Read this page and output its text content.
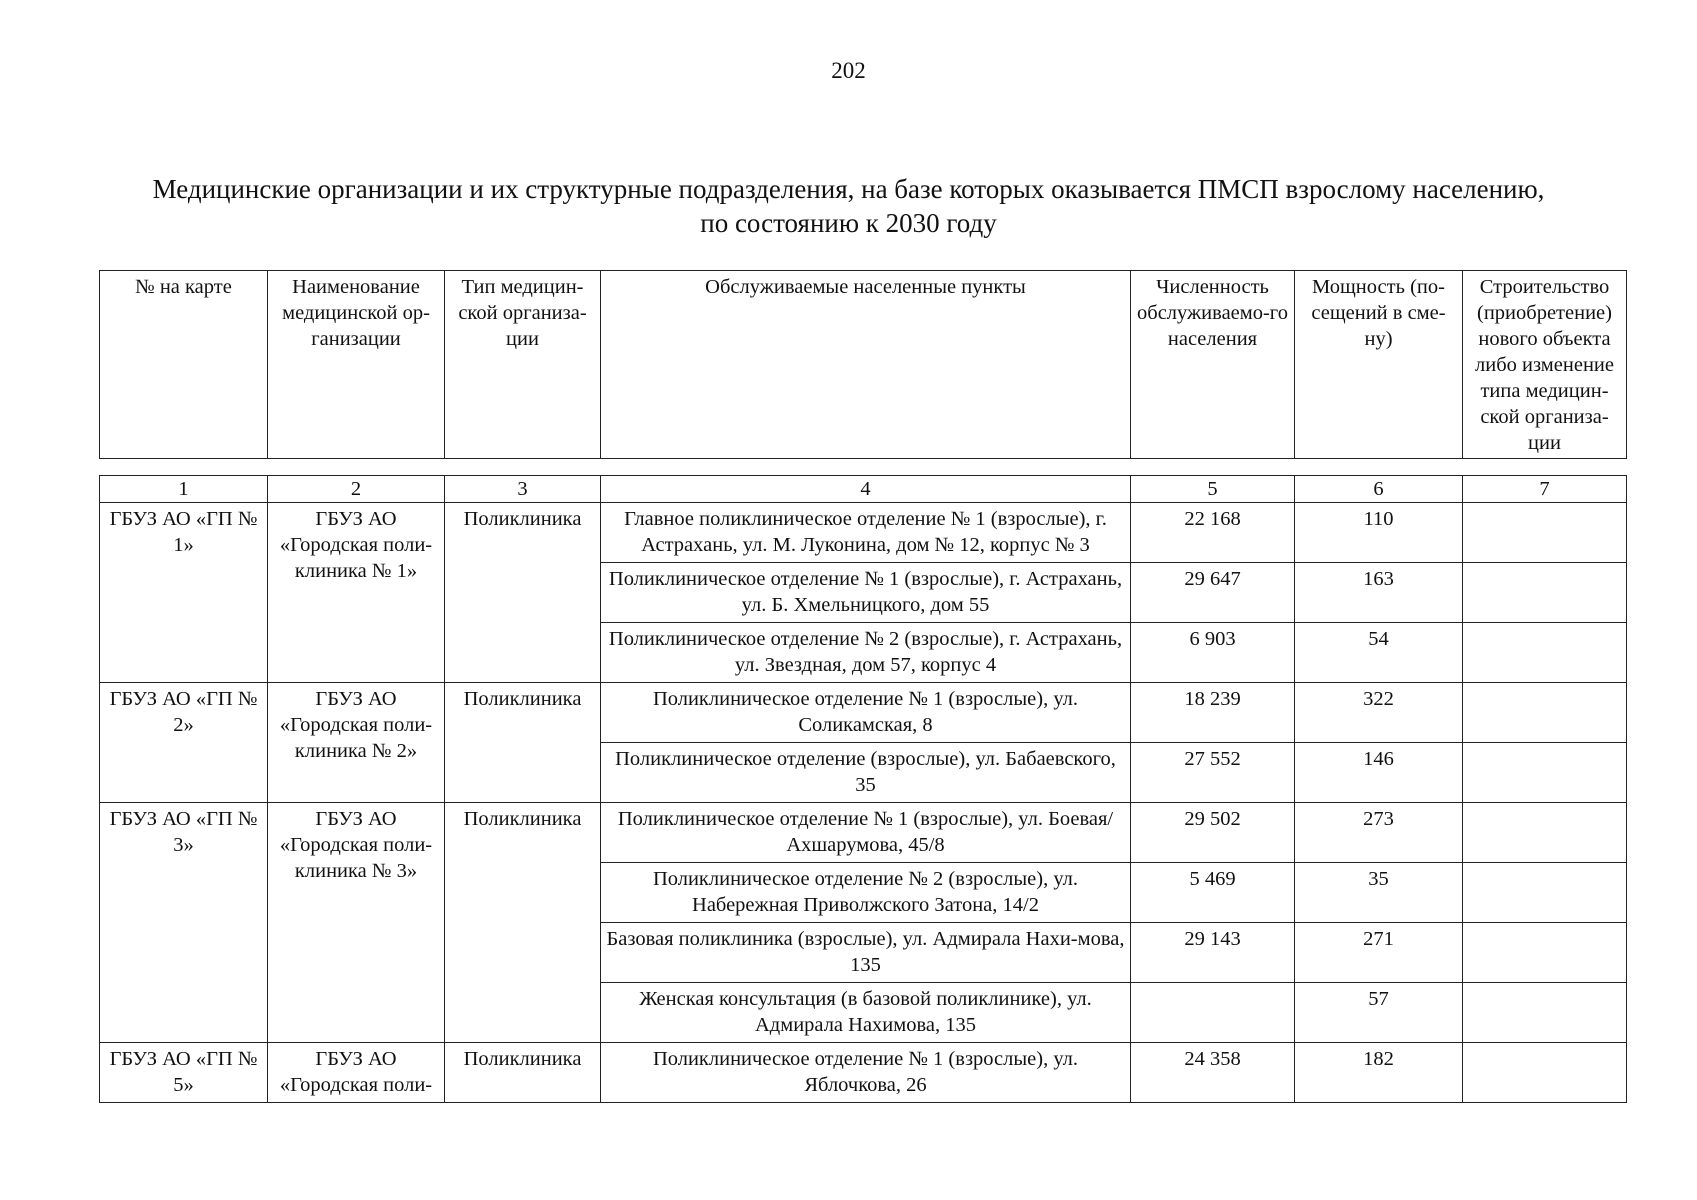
202
Медицинские организации и их структурные подразделения, на базе которых оказывается ПМСП взрослому населению,
по состоянию к 2030 году
№ на карте	Наименование медицинской ор-ганизации	Тип медицин-ской организа-ции	Обслуживаемые населенные пункты	Численность обслуживаемо-го населения	Мощность (по-сещений в сме-ну)	Строительство (приобретение) нового объекта либо изменение типа медицин-ской организа-ции
1	2	3	4	5	6	7
ГБУЗ АО «ГП № 1»	ГБУЗ АО «Городская поли-клиника № 1»	Поликлиника	Главное поликлиническое отделение № 1 (взрослые), г. Астрахань, ул. М. Луконина, дом № 12, корпус № 3	22 168	110	
			Поликлиническое отделение № 1 (взрослые), г. Астрахань, ул. Б. Хмельницкого, дом 55	29 647	163	
			Поликлиническое отделение № 2 (взрослые), г. Астрахань, ул. Звездная, дом 57, корпус 4	6 903	54	
ГБУЗ АО «ГП № 2»	ГБУЗ АО «Городская поли-клиника № 2»	Поликлиника	Поликлиническое отделение № 1 (взрослые), ул. Соликамская, 8	18 239	322	
			Поликлиническое отделение (взрослые), ул. Бабаевского, 35	27 552	146	
ГБУЗ АО «ГП № 3»	ГБУЗ АО «Городская поли-клиника № 3»	Поликлиника	Поликлиническое отделение № 1 (взрослые), ул. Боевая/Ахшарумова, 45/8	29 502	273	
			Поликлиническое отделение № 2 (взрослые), ул. Набережная Приволжского Затона, 14/2	5 469	35	
			Базовая поликлиника (взрослые), ул. Адмирала Нахи-мова, 135	29 143	271	
			Женская консультация (в базовой поликлинике), ул. Адмирала Нахимова, 135		57	
ГБУЗ АО «ГП № 5»	ГБУЗ АО «Городская поли-	Поликлиника	Поликлиническое отделение № 1 (взрослые), ул. Яблочкова, 26	24 358	182	
